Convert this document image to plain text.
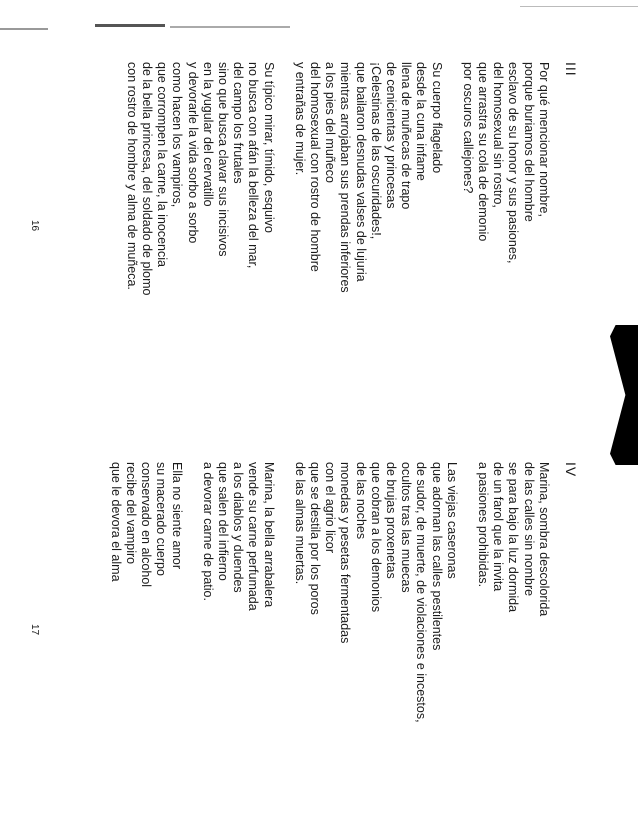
III
Por qué mencionar nombre,
porque buriamos del hombre
esclavo de su honor y sus pasiones,
del homosexual sin rostro,
que arrastra su cola de demonio
por oscuros callejones?
Su cuerpo flagelado
desde la cuna infame
llena de muñecas de trapo
de cenicientas y princesas
¡Celestinas de las oscuridades!,
que bailaron desnudas valses de lujuria
mientras arrojaban sus prendas inferiores
a los pies del muñeco
del homosexual con rostro de hombre
y entrañas de mujer.
Su típico mirar, tímido, esquivo
no busca con afán la belleza del mar,
del campo los frutales
sino que busca clavar sus incisivos
en la yugular del cervatillo
y devorarle la vida sorbo a sorbo
como hacen los vampiros,
que corrompen la carne, la inocencia
de la bella princesa, del soldado de plomo
con rostro de hombre y alma de muñeca.
16
IV
Marina, sombra descolorida
de las calles sin nombre
se para bajo la luz dormida
de un farol que la invita
a pasiones prohibidas.
Las viejas caseronas
que adornan las calles pestilentes
de sudor, de muerte, de violaciones e incestos,
ocultos tras las muecas
de brujas proxenetas
que cobran a los demonios
de las noches
monedas y pesetas fermentadas
con el agrio licor
que se destila por los poros
de las almas muertas.
Marina, la bella arrabalera
vende su carne perfumada
a los diablos y duendes
que salen del infierno
a devorar carne de patio.
Ella no siente amor
su macerado cuerpo
conservado en alcohol
recibe del vampiro
que le devora el alma
17
